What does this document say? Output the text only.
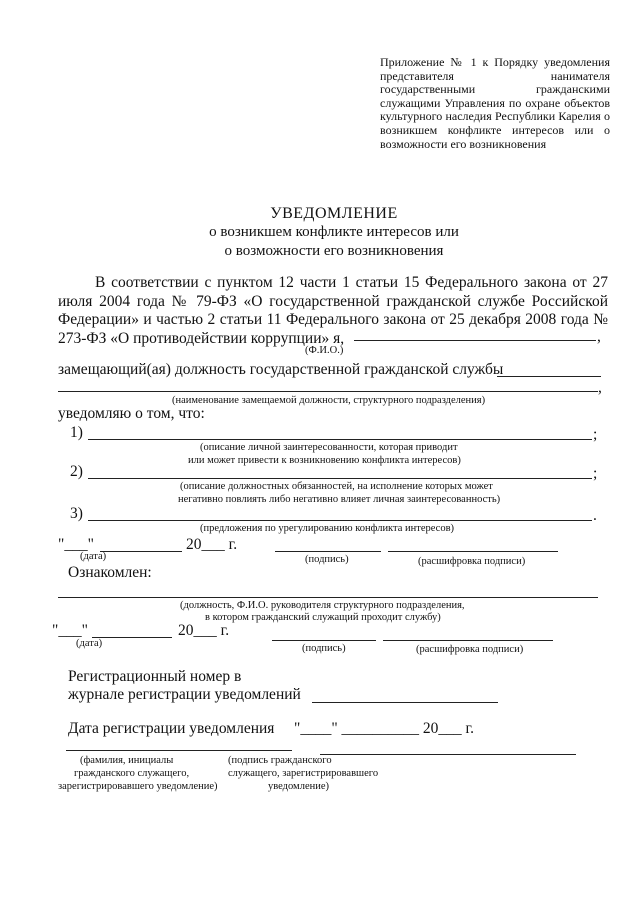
Приложение № 1 к Порядку уведомления представителя нанимателя государственными гражданскими служащими Управления по охране объектов культурного наследия Республики Карелия о возникшем конфликте интересов или о возможности его возникновения
УВЕДОМЛЕНИЕ
о возникшем конфликте интересов или
о возможности его возникновения
В соответствии с пунктом 12 части 1 статьи 15 Федерального закона от 27 июля 2004 года № 79-ФЗ «О государственной гражданской службе Российской Федерации» и частью 2 статьи 11 Федерального закона от 25 декабря 2008 года № 273-ФЗ «О противодействии коррупции» я,	,
(Ф.И.О.)
замещающий(ая) должность государственной гражданской службы
,
(наименование замещаемой должности, структурного подразделения)
уведомляю о том, что:
1)	;
(описание личной заинтересованности, которая приводит
или может привести к возникновению конфликта интересов)
2)	;
(описание должностных обязанностей, на исполнение которых может
негативно повлиять либо негативно влияет личная заинтересованность)
3)	.
(предложения по урегулированию конфликта интересов)
"___"	20___ г.
(дата)	(подпись)	(расшифровка подписи)
Ознакомлен:
(должность, Ф.И.О. руководителя структурного подразделения,
в котором гражданский служащий проходит службу)
"___"	20___ г.
(дата)	(подпись)	(расшифровка подписи)
Регистрационный номер в
журнале регистрации уведомлений
Дата регистрации уведомления "____" __________ 20___ г.
(фамилия, инициалы
гражданского служащего,
зарегистрировавшего уведомление)
(подпись гражданского
служащего, зарегистрировавшего
уведомление)
